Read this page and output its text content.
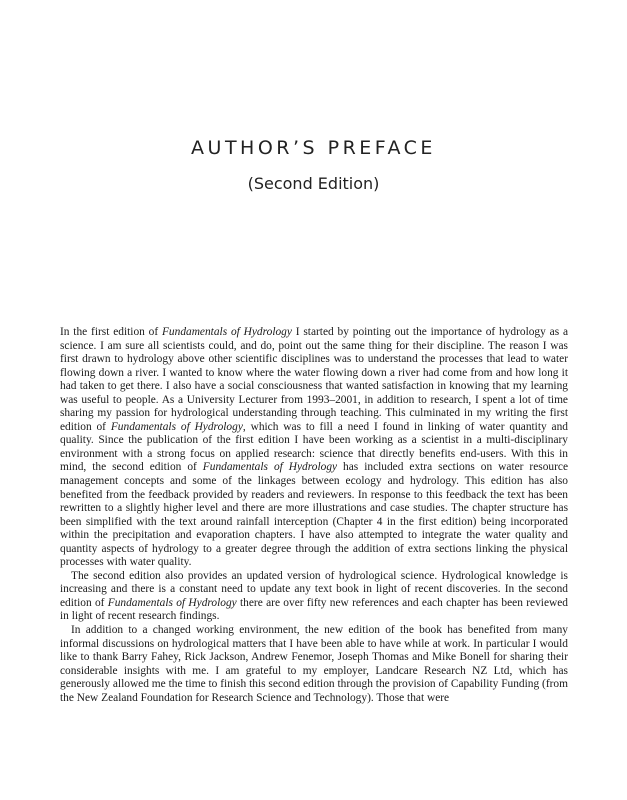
AUTHOR’S PREFACE
(Second Edition)

In the first edition of Fundamentals of Hydrology I started by pointing out the importance of hydrology as a science. I am sure all scientists could, and do, point out the same thing for their discipline. The reason I was first drawn to hydrology above other scientific disciplines was to understand the processes that lead to water flowing down a river. I wanted to know where the water flowing down a river had come from and how long it had taken to get there. I also have a social consciousness that wanted satisfaction in knowing that my learning was useful to people. As a University Lecturer from 1993–2001, in addition to research, I spent a lot of time sharing my passion for hydrological understanding through teaching. This culminated in my writing the first edition of Fundamentals of Hydrology, which was to fill a need I found in linking of water quantity and quality. Since the publication of the first edition I have been working as a scientist in a multi-disciplinary environment with a strong focus on applied research: science that directly benefits end-users. With this in mind, the second edition of Fundamentals of Hydrology has included extra sections on water resource management concepts and some of the linkages between ecology and hydrology. This edition has also benefited from the feedback provided by readers and reviewers. In response to this feedback the text has been rewritten to a slightly higher level and there are more illustrations and case studies. The chapter structure has been simplified with the text around rainfall interception (Chapter 4 in the first edition) being incorporated within the precipitation and evaporation chapters. I have also attempted to integrate the water quality and quantity aspects of hydrology to a greater degree through the addition of extra sections linking the physical processes with water quality.

The second edition also provides an updated version of hydrological science. Hydrological knowledge is increasing and there is a constant need to update any text book in light of recent discoveries. In the second edition of Fundamentals of Hydrology there are over fifty new references and each chapter has been reviewed in light of recent research findings.

In addition to a changed working environment, the new edition of the book has benefited from many informal discussions on hydrological matters that I have been able to have while at work. In particular I would like to thank Barry Fahey, Rick Jackson, Andrew Fenemor, Joseph Thomas and Mike Bonell for sharing their considerable insights with me. I am grateful to my employer, Landcare Research NZ Ltd, which has generously allowed me the time to finish this second edition through the provision of Capability Funding (from the New Zealand Foundation for Research Science and Technology). Those that were
